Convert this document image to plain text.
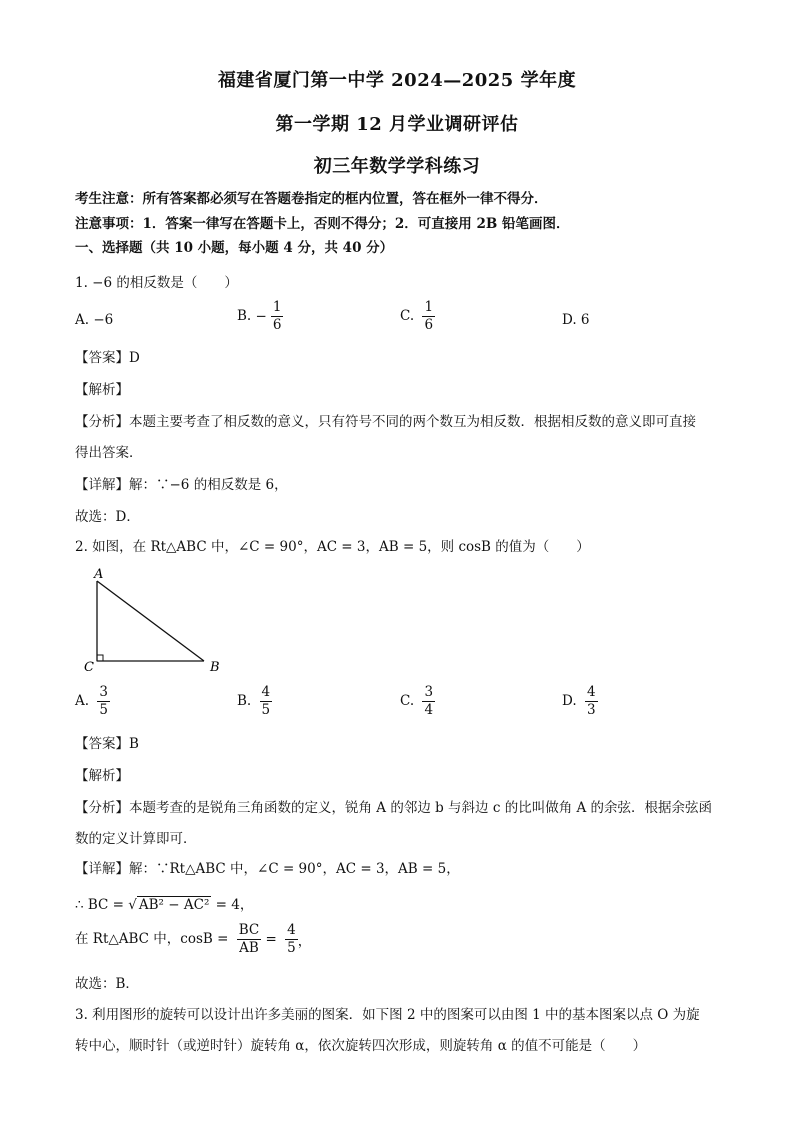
福建省厦门第一中学 2024—2025 学年度
第一学期 12 月学业调研评估
初三年数学学科练习
考生注意：所有答案都必须写在答题卷指定的框内位置，答在框外一律不得分．
注意事项：1．答案一律写在答题卡上，否则不得分；2．可直接用 2B 铅笔画图．
一、选择题（共 10 小题，每小题 4 分，共 40 分）
1. −6 的相反数是（　　）
A. −6	B. − $\frac{1}{6}$	C. $\frac{1}{6}$	D. 6
【答案】D
【解析】
【分析】本题主要考查了相反数的意义，只有符号不同的两个数互为相反数．根据相反数的意义即可直接
得出答案．
【详解】解：∵−6 的相反数是 6，
故选：D．
2. 如图，在 Rt△ABC 中，∠C = 90°，AC = 3，AB = 5，则 cosB 的值为（　　）
A
C	B
A. $\frac{3}{5}$	B. $\frac{4}{5}$	C. $\frac{3}{4}$	D. $\frac{4}{3}$
【答案】B
【解析】
【分析】本题考查的是锐角三角函数的定义，锐角 A 的邻边 b 与斜边 c 的比叫做角 A 的余弦．根据余弦函
数的定义计算即可．
【详解】解：∵Rt△ABC 中，∠C = 90°，AC = 3，AB = 5，
∴ BC = √ AB² − AC² = 4，
在 Rt△ABC 中，$\cos B = \frac{BC}{AB} = \frac{4}{5}$ ，
故选：B．
3. 利用图形的旋转可以设计出许多美丽的图案．如下图 2 中的图案可以由图 1 中的基本图案以点 O 为旋
转中心，顺时针（或逆时针）旋转角 α，依次旋转四次形成，则旋转角 α 的值不可能是（　　）
